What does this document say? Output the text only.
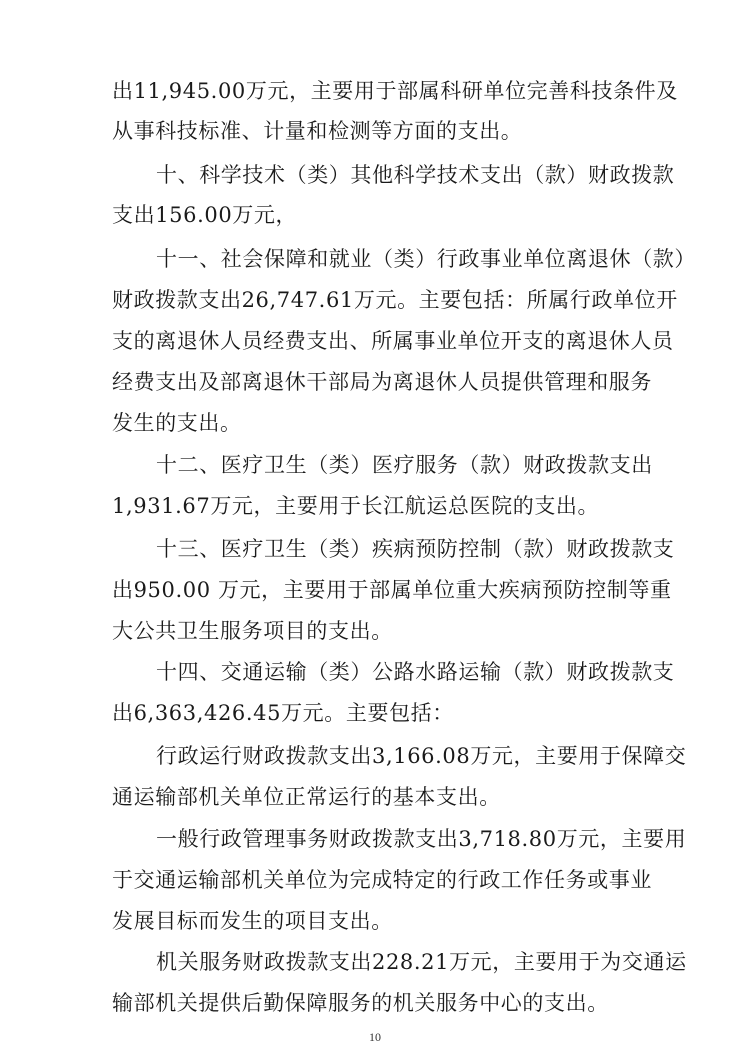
出11,945.00万元，主要用于部属科研单位完善科技条件及
从事科技标准、计量和检测等方面的支出。
十、科学技术（类）其他科学技术支出（款）财政拨款
支出156.00万元，
十一、社会保障和就业（类）行政事业单位离退休（款）
财政拨款支出26,747.61万元。主要包括：所属行政单位开
支的离退休人员经费支出、所属事业单位开支的离退休人员
经费支出及部离退休干部局为离退休人员提供管理和服务
发生的支出。
十二、医疗卫生（类）医疗服务（款）财政拨款支出
1,931.67万元，主要用于长江航运总医院的支出。
十三、医疗卫生（类）疾病预防控制（款）财政拨款支
出950.00 万元，主要用于部属单位重大疾病预防控制等重
大公共卫生服务项目的支出。
十四、交通运输（类）公路水路运输（款）财政拨款支
出6,363,426.45万元。主要包括：
行政运行财政拨款支出3,166.08万元，主要用于保障交
通运输部机关单位正常运行的基本支出。
一般行政管理事务财政拨款支出3,718.80万元，主要用
于交通运输部机关单位为完成特定的行政工作任务或事业
发展目标而发生的项目支出。
机关服务财政拨款支出228.21万元，主要用于为交通运
输部机关提供后勤保障服务的机关服务中心的支出。
10
